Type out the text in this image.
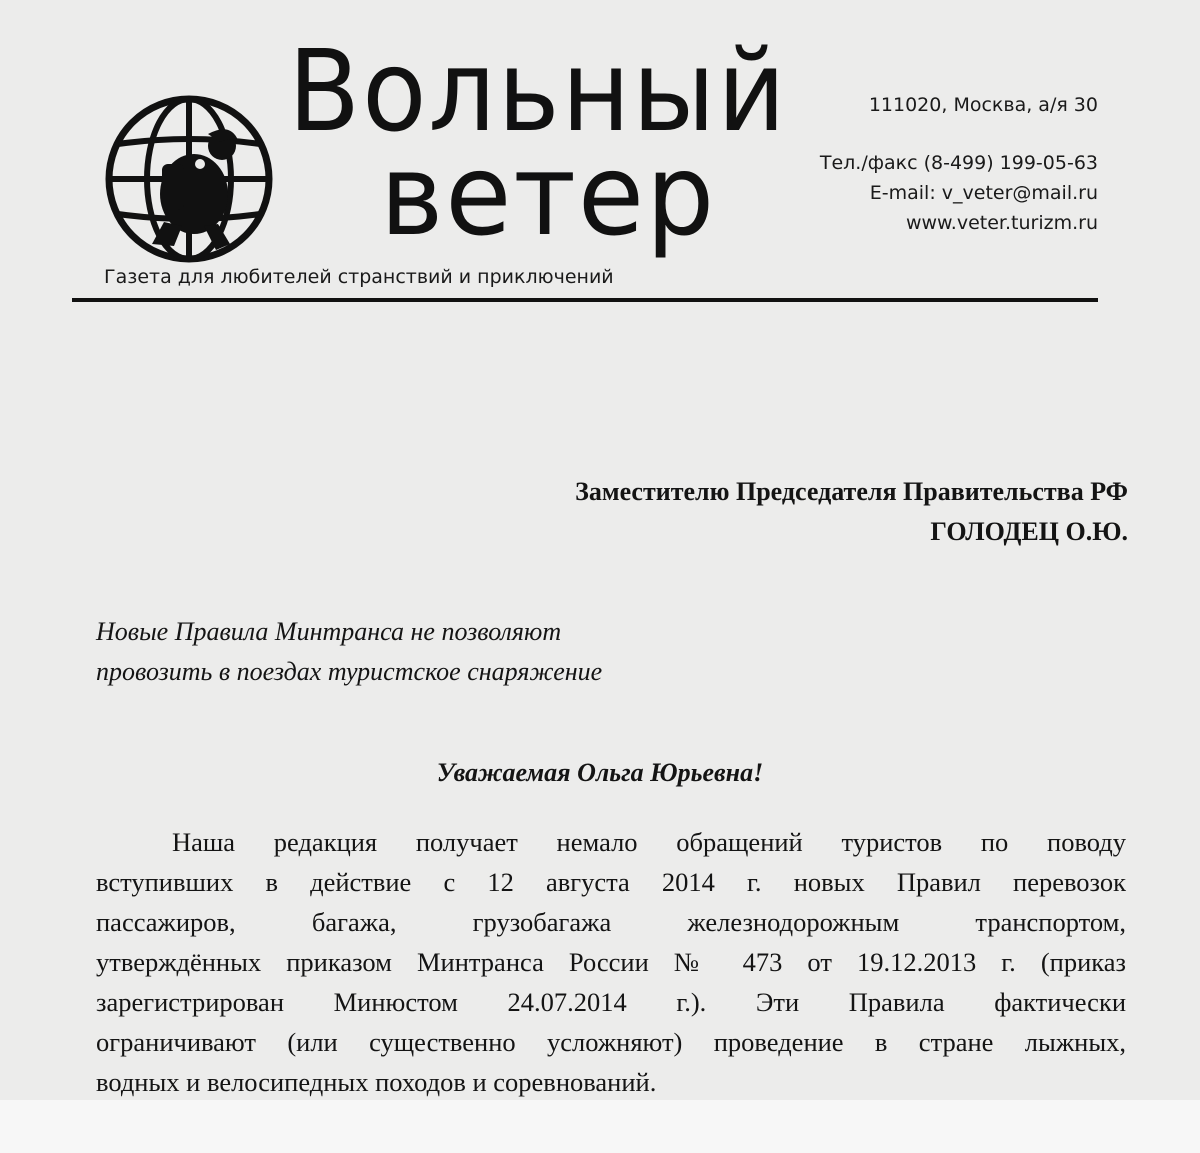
Вольный
ветер
Газета для любителей странствий и приключений
111020, Москва, а/я 30
Тел./факс (8-499) 199-05-63
E-mail: v_veter@mail.ru
www.veter.turizm.ru
Заместителю Председателя Правительства РФ
ГОЛОДЕЦ О.Ю.
Новые Правила Минтранса не позволяют
провозить в поездах туристское снаряжение
Уважаемая Ольга Юрьевна!
Наша редакция получает немало обращений туристов по поводу
вступивших в действие с 12 августа 2014 г. новых Правил перевозок
пассажиров, багажа, грузобагажа железнодорожным транспортом,
утверждённых приказом Минтранса России № 473 от 19.12.2013 г. (приказ
зарегистрирован Минюстом 24.07.2014 г.). Эти Правила фактически
ограничивают (или существенно усложняют) проведение в стране лыжных,
водных и велосипедных походов и соревнований.
